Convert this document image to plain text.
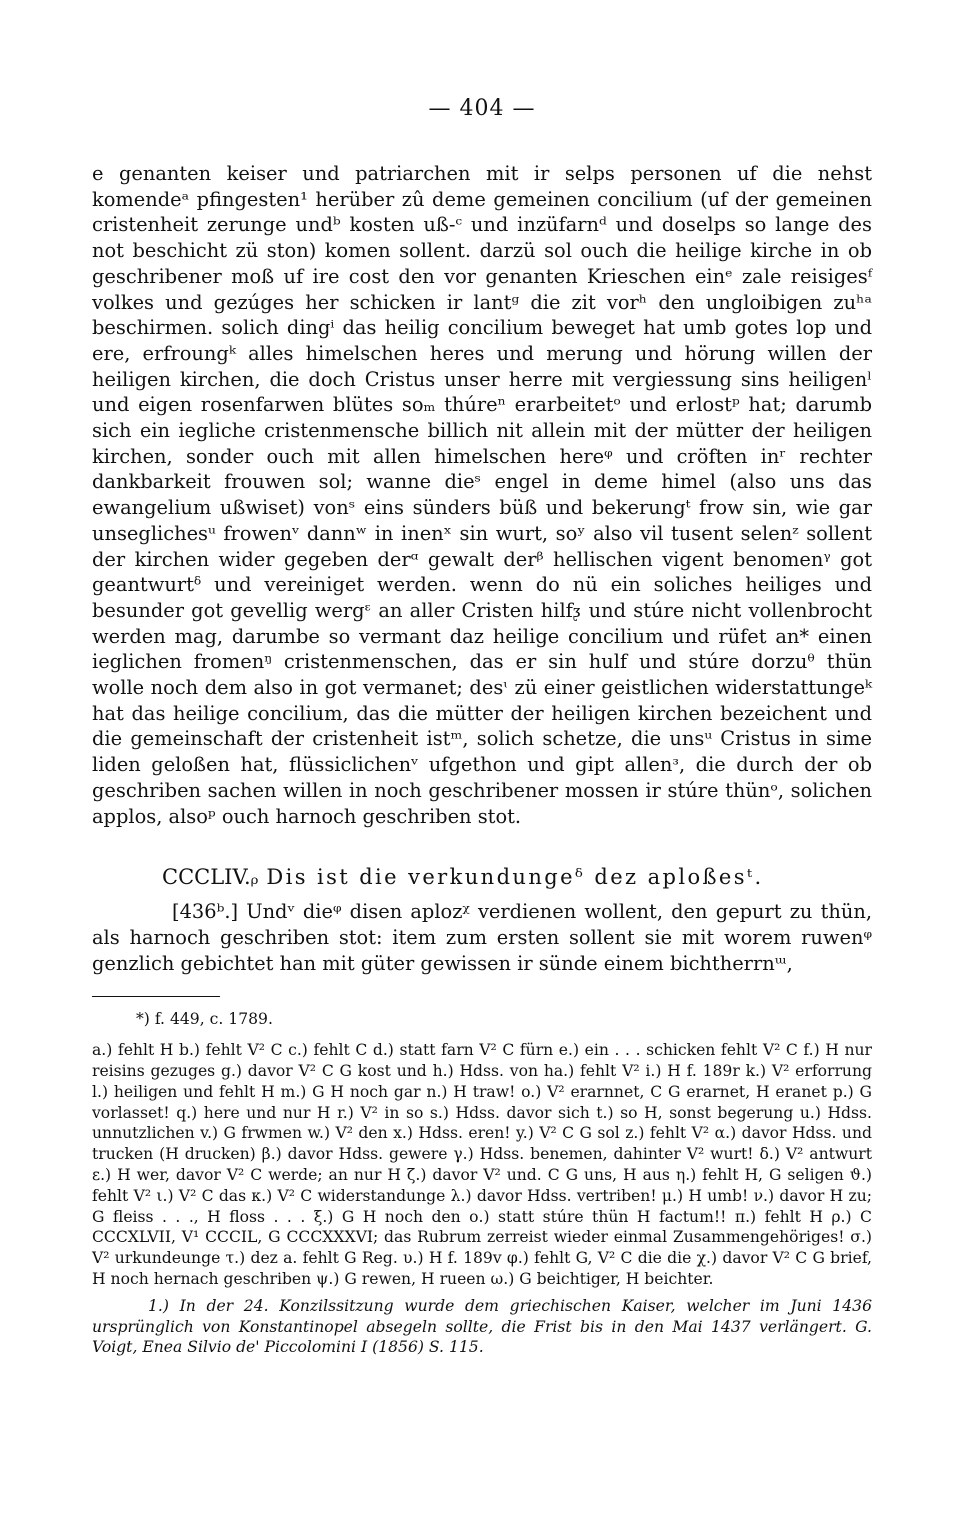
— 404 —

e genanten keiser und patriarchen mit ir selps personen uf die nehst komendeᵃ pfingesten¹ herüber zû deme gemeinen concilium (uf der gemeinen cristenheit zerunge undᵇ kosten uß-ᶜ und inzüfarnᵈ und doselps so lange des not beschicht zü ston) komen sollent. darzü sol ouch die heilige kirche in ob geschribener moß uf ire cost den vor genanten Krieschen einᵉ zale reisigesᶠ volkes und gezúges her schicken ir lantᵍ die zit vorʰ den ungloibigen zuʰᵃ beschirmen. solich dingⁱ das heilig concilium beweget hat umb gotes lop und ere, erfroungᵏ alles himelschen heres und merung und hörung willen der heiligen kirchen, die doch Cristus unser herre mit vergiessung sins heiligenˡ und eigen rosenfarwen blütes soₘ thúreⁿ erarbeitetᵒ und erlostᵖ hat; darumb sich ein iegliche cristenmensche billich nit allein mit der mütter der heiligen kirchen, sonder ouch mit allen himelschen hereᵠ und cröften inʳ rechter dankbarkeit frouwen sol; wanne dieˢ engel in deme himel (also uns das ewangelium ußwiset) vonˢ eins sünders büß und bekerungᵗ frow sin, wie gar unseglichesᵘ frowenᵛ dannʷ in inenˣ sin wurt, soʸ also vil tusent selenᶻ sollent der kirchen wider gegeben derᵅ gewalt derᵝ hellischen vigent benomenᵞ got geantwurtᵟ und vereiniget werden. wenn do nü ein soliches heiliges und besunder got gevellig wergᵋ an aller Cristen hilfᶚ und stúre nicht vollenbrocht werden mag, darumbe so vermant daz heilige concilium und rüfet an* einen ieglichen fromenᵑ cristenmenschen, das er sin hulf und stúre dorzuᶿ thün wolle noch dem also in got vermanet; desᶥ zü einer geistlichen widerstattungeᵏ hat das heilige concilium, das die mütter der heiligen kirchen bezeichent und die gemeinschaft der cristenheit istᵐ, solich schetze, die unsᵘ Cristus in sime liden geloßen hat, flüssiclichenᵛ ufgethon und gipt allenᶟ, die durch der ob geschriben sachen willen in noch geschribener mossen ir stúre thünᵒ, solichen applos, alsoᵖ ouch harnoch geschriben stot.

CCCLIV.ᵨ Dis ist die verkundungeᵟ dez aploßesᵗ.

[436ᵇ.] Undᵛ dieᵠ disen aplozᵡ verdienen wollent, den gepurt zu thün, als harnoch geschriben stot: item zum ersten sollent sie mit worem ruwenᵠ genzlich gebichtet han mit güter gewissen ir sünde einem bichtherrnᵚ,

*) f. 449, c. 1789.

a.) fehlt H b.) fehlt V² C c.) fehlt C d.) statt farn V² C fürn e.) ein . . . schicken fehlt V² C f.) H nur reisins gezuges g.) davor V² C G kost und h.) Hdss. von ha.) fehlt V² i.) H f. 189r k.) V² erforrung l.) heiligen und fehlt H m.) G H noch gar n.) H traw! o.) V² erarnnet, C G erarnet, H eranet p.) G vorlasset! q.) here und nur H r.) V² in so s.) Hdss. davor sich t.) so H, sonst begerung u.) Hdss. unnutzlichen v.) G frwmen w.) V² den x.) Hdss. eren! y.) V² C G sol z.) fehlt V² α.) davor Hdss. und trucken (H drucken) β.) davor Hdss. gewere γ.) Hdss. benemen, dahinter V² wurt! δ.) V² antwurt ε.) H wer, davor V² C werde; an nur H ζ.) davor V² und. C G uns, H aus η.) fehlt H, G seligen ϑ.) fehlt V² ι.) V² C das κ.) V² C widerstandunge λ.) davor Hdss. vertriben! μ.) H umb! ν.) davor H zu; G fleiss . . ., H floss . . . ξ.) G H noch den ο.) statt stúre thün H factum!! π.) fehlt H ρ.) C CCCXLVII, V¹ CCCIL, G CCCXXXVI; das Rubrum zerreist wieder einmal Zusammengehöriges! σ.) V² urkundeunge τ.) dez a. fehlt G Reg. υ.) H f. 189v φ.) fehlt G, V² C die die χ.) davor V² C G brief, H noch hernach geschriben ψ.) G rewen, H rueen ω.) G beichtiger, H beichter.

1.) In der 24. Konzilssitzung wurde dem griechischen Kaiser, welcher im Juni 1436 ursprünglich von Konstantinopel absegeln sollte, die Frist bis in den Mai 1437 verlängert. G. Voigt, Enea Silvio de' Piccolomini I (1856) S. 115.
